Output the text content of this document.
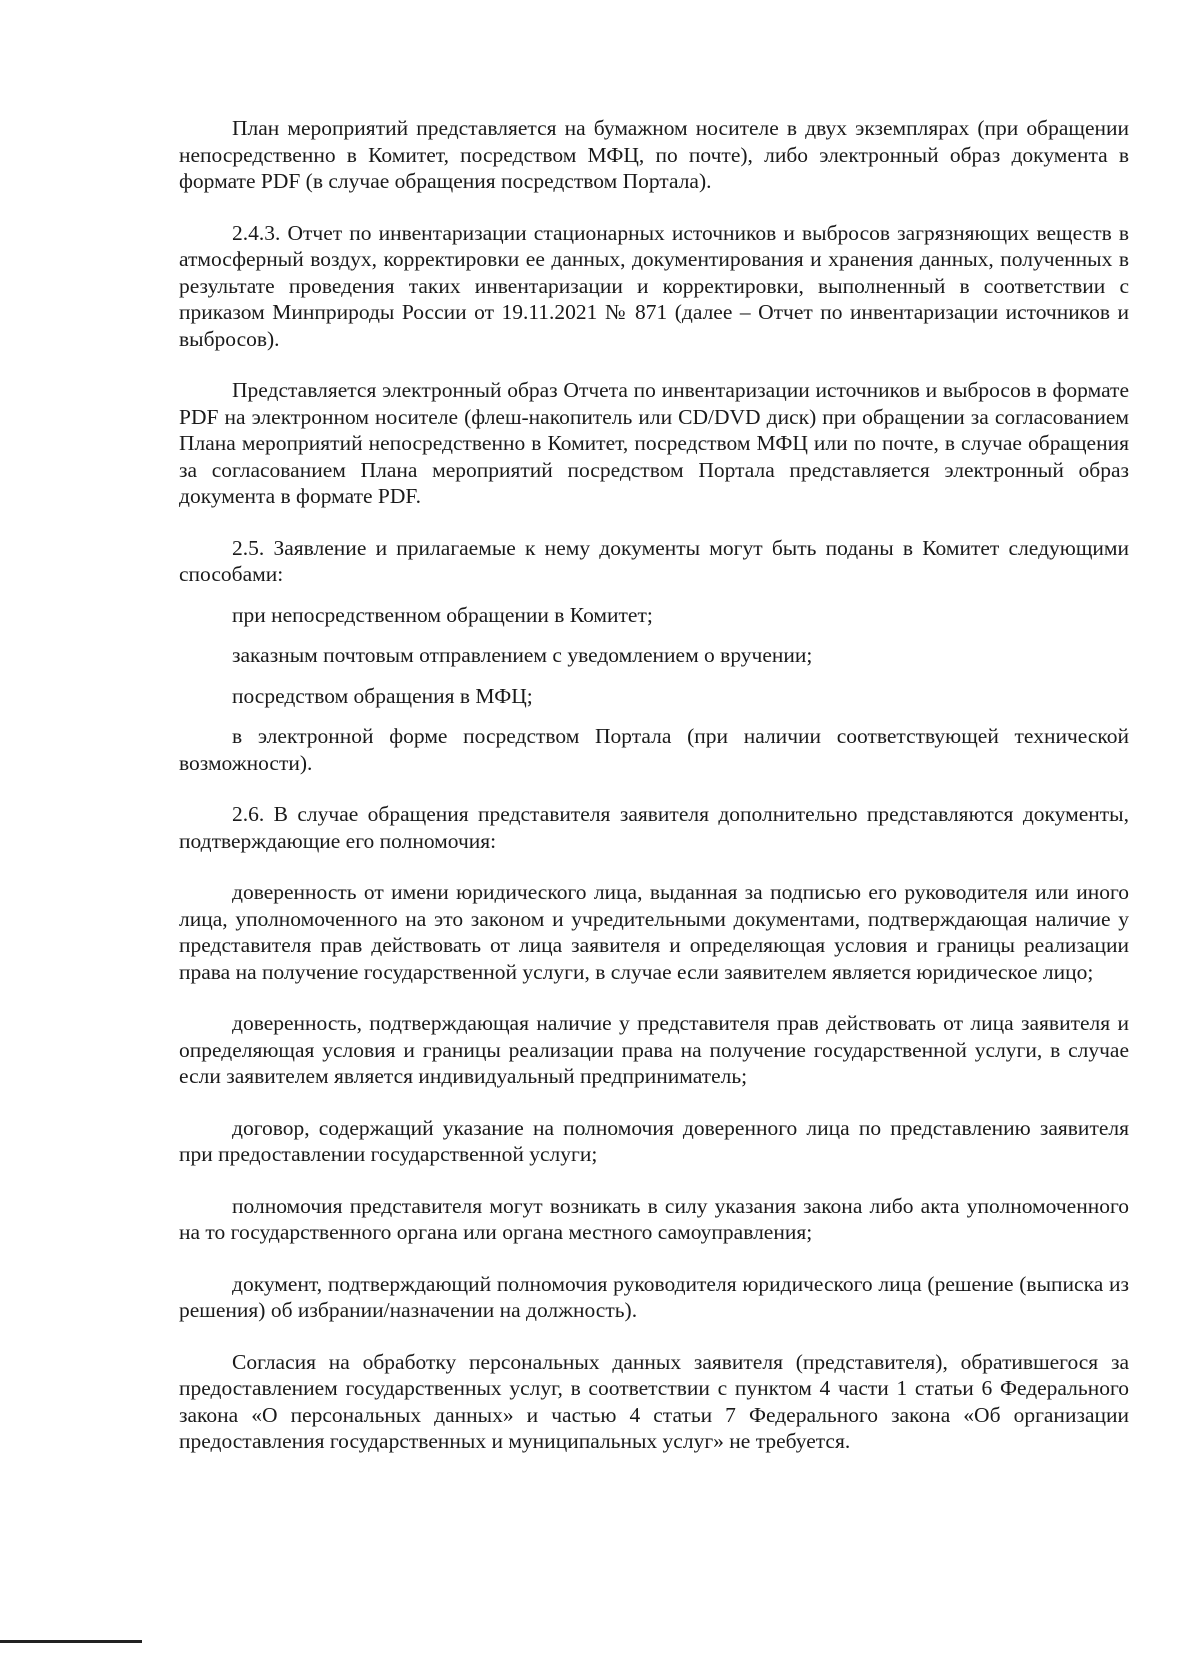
План мероприятий представляется на бумажном носителе в двух экземплярах (при обращении непосредственно в Комитет, посредством МФЦ, по почте), либо электронный образ документа в формате PDF (в случае обращения посредством Портала).

2.4.3. Отчет по инвентаризации стационарных источников и выбросов загрязняющих веществ в атмосферный воздух, корректировки ее данных, документирования и хранения данных, полученных в результате проведения таких инвентаризации и корректировки, выполненный в соответствии с приказом Минприроды России от 19.11.2021 № 871 (далее – Отчет по инвентаризации источников и выбросов).

Представляется электронный образ Отчета по инвентаризации источников и выбросов в формате PDF на электронном носителе (флеш-накопитель или CD/DVD диск) при обращении за согласованием Плана мероприятий непосредственно в Комитет, посредством МФЦ или по почте, в случае обращения за согласованием Плана мероприятий посредством Портала представляется электронный образ документа в формате PDF.

2.5. Заявление и прилагаемые к нему документы могут быть поданы в Комитет следующими способами:

при непосредственном обращении в Комитет;

заказным почтовым отправлением с уведомлением о вручении;

посредством обращения в МФЦ;

в электронной форме посредством Портала (при наличии соответствующей технической возможности).

2.6. В случае обращения представителя заявителя дополнительно представляются документы, подтверждающие его полномочия:

доверенность от имени юридического лица, выданная за подписью его руководителя или иного лица, уполномоченного на это законом и учредительными документами, подтверждающая наличие у представителя прав действовать от лица заявителя и определяющая условия и границы реализации права на получение государственной услуги, в случае если заявителем является юридическое лицо;

доверенность, подтверждающая наличие у представителя прав действовать от лица заявителя и определяющая условия и границы реализации права на получение государственной услуги, в случае если заявителем является индивидуальный предприниматель;

договор, содержащий указание на полномочия доверенного лица по представлению заявителя при предоставлении государственной услуги;

полномочия представителя могут возникать в силу указания закона либо акта уполномоченного на то государственного органа или органа местного самоуправления;

документ, подтверждающий полномочия руководителя юридического лица (решение (выписка из решения) об избрании/назначении на должность).

Согласия на обработку персональных данных заявителя (представителя), обратившегося за предоставлением государственных услуг, в соответствии с пунктом 4 части 1 статьи 6 Федерального закона «О персональных данных» и частью 4 статьи 7 Федерального закона «Об организации предоставления государственных и муниципальных услуг» не требуется.
